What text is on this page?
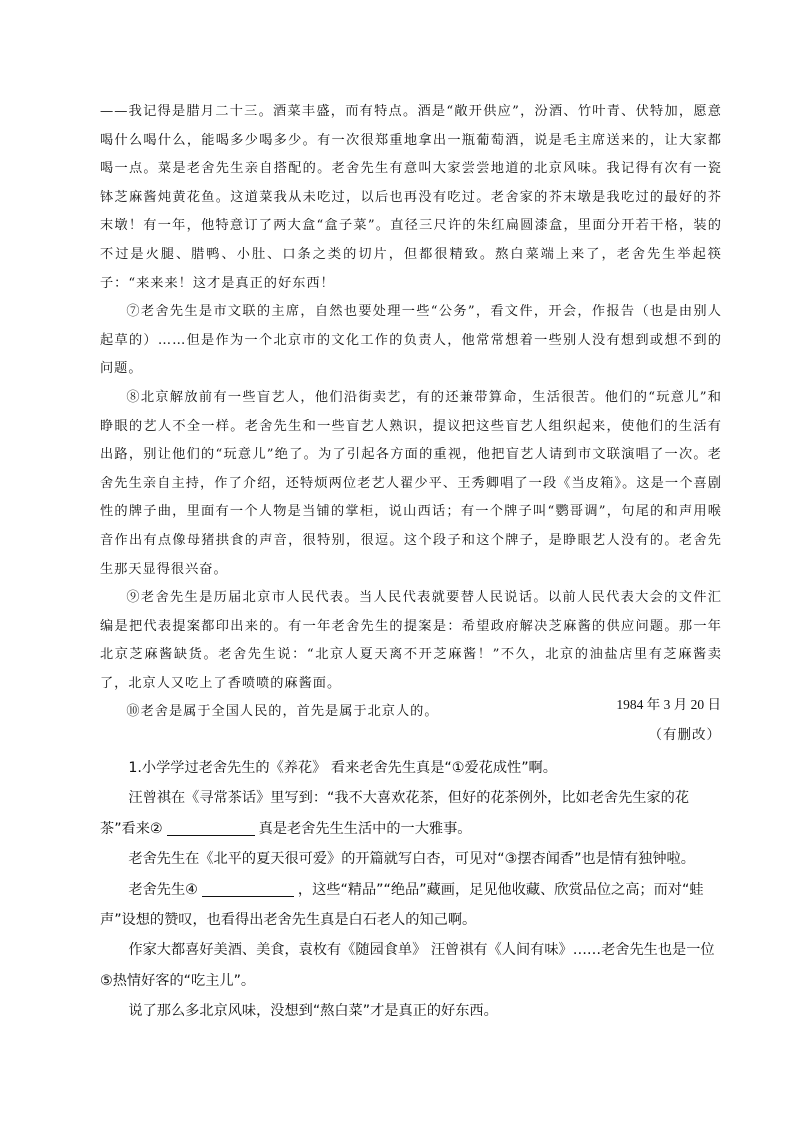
——我记得是腊月二十三。酒菜丰盛，而有特点。酒是“敞开供应”，汾酒、竹叶青、伏特加，愿意喝什么喝什么，能喝多少喝多少。有一次很郑重地拿出一瓶葡萄酒，说是毛主席送来的，让大家都喝一点。菜是老舍先生亲自搭配的。老舍先生有意叫大家尝尝地道的北京风味。我记得有次有一瓷钵芝麻酱炖黄花鱼。这道菜我从未吃过，以后也再没有吃过。老舍家的芥末墩是我吃过的最好的芥末墩！有一年，他特意订了两大盒“盒子菜”。直径三尺许的朱红扁圆漆盒，里面分开若干格，装的不过是火腿、腊鸭、小肚、口条之类的切片，但都很精致。熬白菜端上来了，老舍先生举起筷子：“来来来！这才是真正的好东西！

⑦老舍先生是市文联的主席，自然也要处理一些“公务”，看文件，开会，作报告（也是由别人起草的）……但是作为一个北京市的文化工作的负责人，他常常想着一些别人没有想到或想不到的问题。

⑧北京解放前有一些盲艺人，他们沿街卖艺，有的还兼带算命，生活很苦。他们的“玩意儿”和睁眼的艺人不全一样。老舍先生和一些盲艺人熟识，提议把这些盲艺人组织起来，使他们的生活有出路，别让他们的“玩意儿”绝了。为了引起各方面的重视，他把盲艺人请到市文联演唱了一次。老舍先生亲自主持，作了介绍，还特烦两位老艺人翟少平、王秀卿唱了一段《当皮箱》。这是一个喜剧性的牌子曲，里面有一个人物是当铺的掌柜，说山西话；有一个牌子叫“鹦哥调”，句尾的和声用喉音作出有点像母猪拱食的声音，很特别，很逗。这个段子和这个牌子，是睁眼艺人没有的。老舍先生那天显得很兴奋。

⑨老舍先生是历届北京市人民代表。当人民代表就要替人民说话。以前人民代表大会的文件汇编是把代表提案都印出来的。有一年老舍先生的提案是：希望政府解决芝麻酱的供应问题。那一年北京芝麻酱缺货。老舍先生说：“北京人夏天离不开芝麻酱！”不久，北京的油盐店里有芝麻酱卖了，北京人又吃上了香喷喷的麻酱面。

⑩老舍是属于全国人民的，首先是属于北京人的。	1984 年 3 月 20 日
（有删改）

1.小学学过老舍先生的《养花》 看来老舍先生真是“①爱花成性”啊。

汪曾祺在《寻常茶话》里写到：“我不大喜欢花茶，但好的花茶例外，比如老舍先生家的花茶”看来②	真是老舍先生生活中的一大雅事。

老舍先生在《北平的夏天很可爱》的开篇就写白杏，可见对“③摆杏闻香”也是情有独钟啦。

老舍先生④	，这些“精品”“绝品”藏画，足见他收藏、欣赏品位之高；而对“蛙声”设想的赞叹，也看得出老舍先生真是白石老人的知己啊。

作家大都喜好美酒、美食，袁枚有《随园食单》 汪曾祺有《人间有味》……老舍先生也是一位⑤热情好客的“吃主儿”。

说了那么多北京风味，没想到“熬白菜”才是真正的好东西。
